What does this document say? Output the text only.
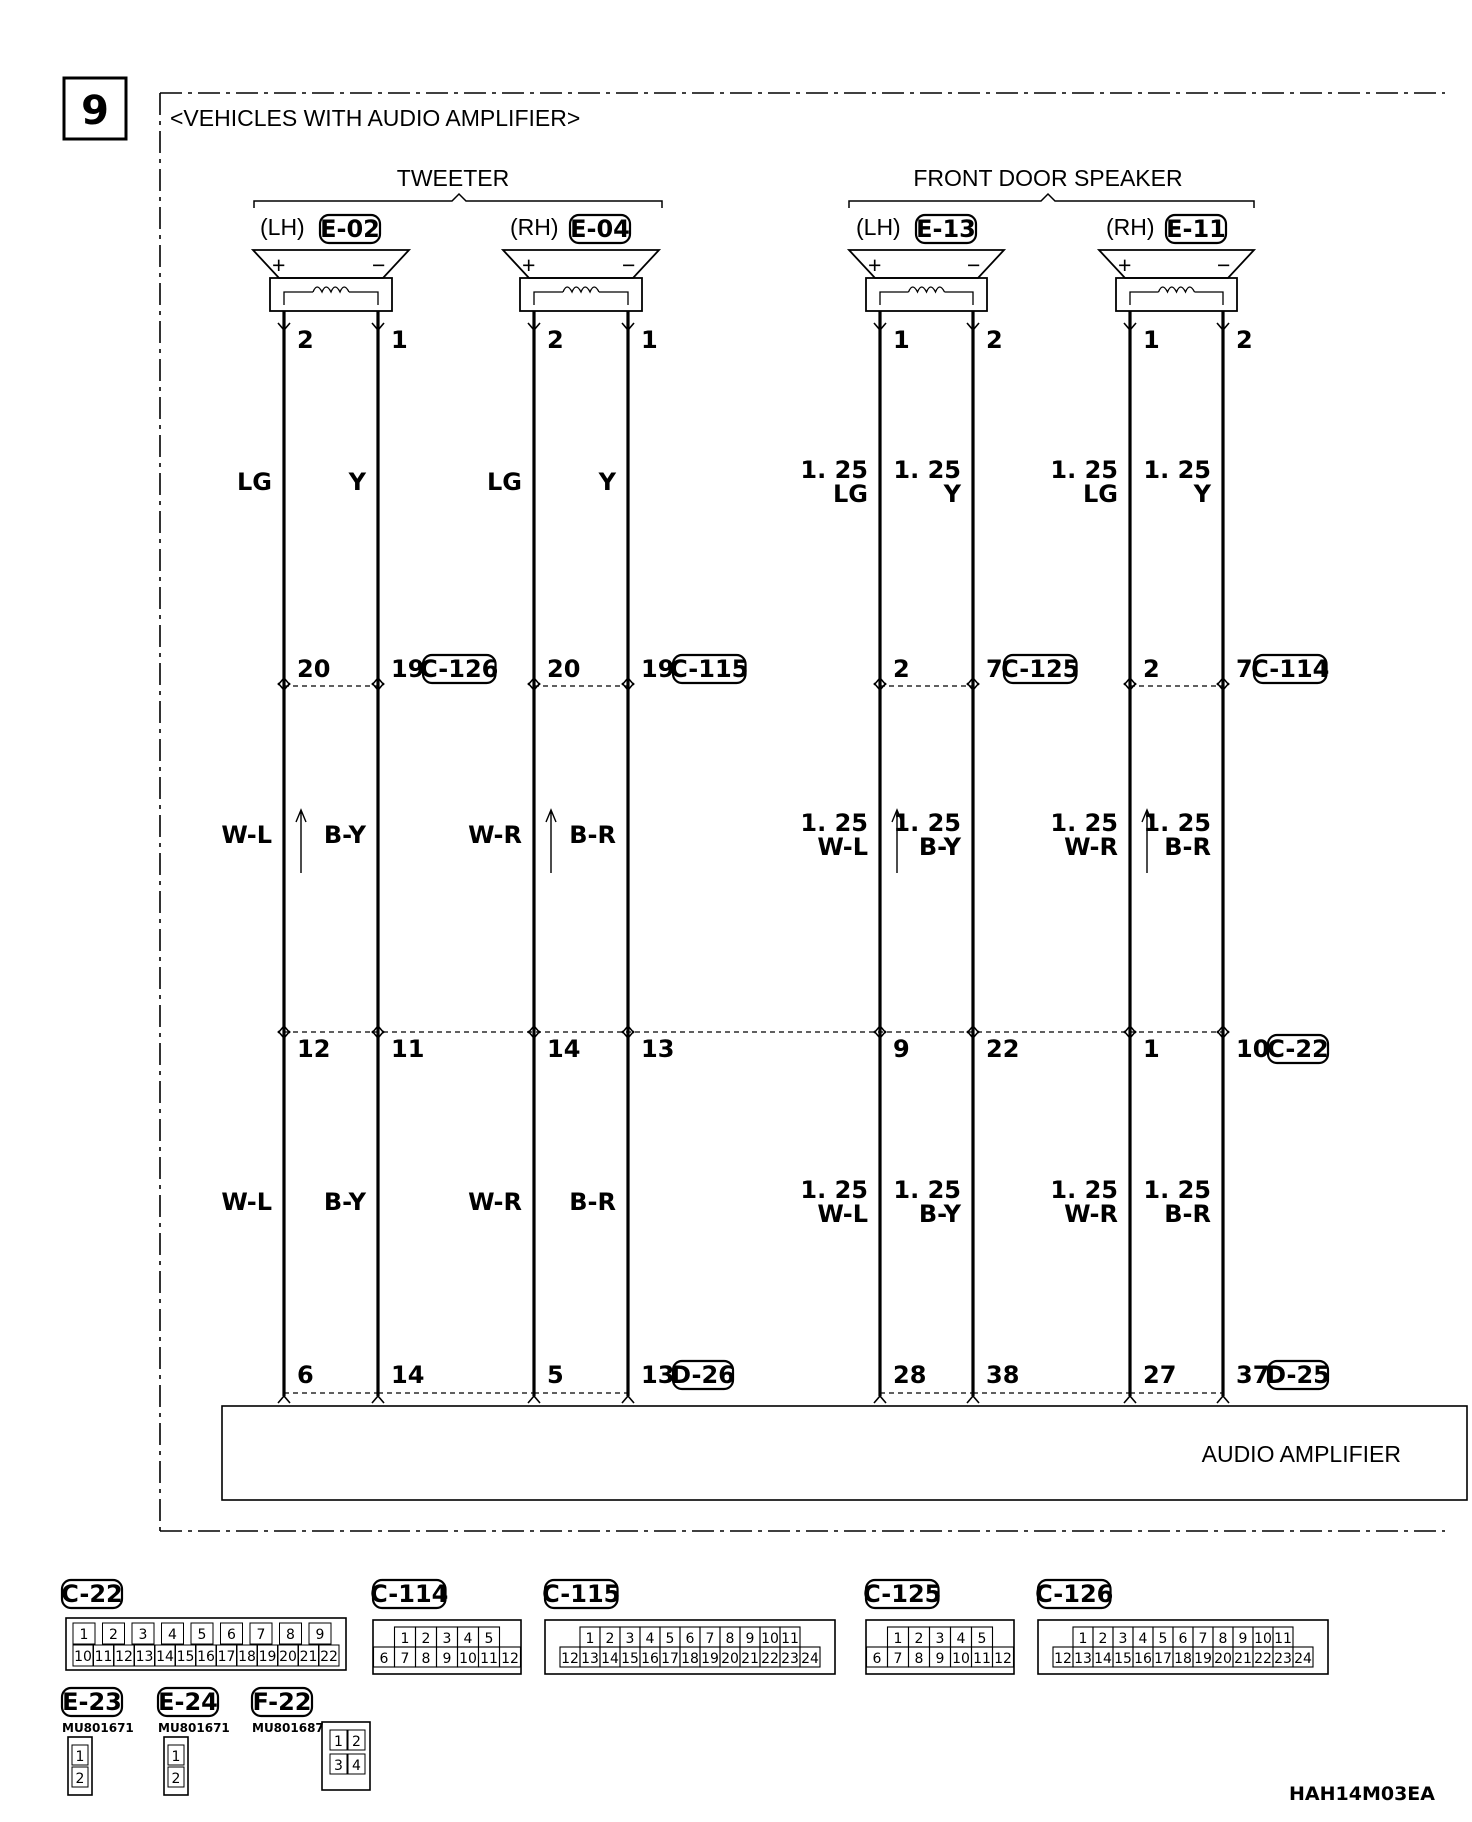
9	<VEHICLES WITH AUDIO AMPLIFIER>
TWEETER	FRONT DOOR SPEAKER
(LH) E-02
+	−
2	1
LG	Y
W-L B-Y
W-L B-Y
20	19
C-126
12	11
6	14
(RH) E-04
+	−
2	1
LG	Y
W-R B-R
W-R B-R
20	19
C-115
14	13
5	13
D-26
(LH) E-13
+	−
1	2
1. 25
LG
1. 25
Y
1. 25
W-L
1. 25
B-Y
1. 25
W-L
1. 25
B-Y
2	7
C-125
9	22
28 38
(RH) E-11
+	−
1	2
1. 25
LG
1. 25
Y
1. 25
W-R
1. 25
B-R
1. 25
W-R
1. 25
B-R
2	7
C-114
1	10
C-22
27 37
D-25
AUDIO AMPLIFIER
C-22
1 2 3 4 5 6 7 8 9
10 11 12 13 14 15 16 17 18 19 20 21 22
C-114
1 2 3 4 5
6 7 8 9 10 11 12
C-115
1 2 3 4 5 6 7 8 9 10 11
12 13 14 15 16 17 18 19 20 21 22 23 24
C-125
1 2 3 4 5
6 7 8 9 10 11 12
C-126
1 2 3 4 5 6 7 8 9 10 11
12 13 14 15 16 17 18 19 20 21 22 23 24
E-23
MU801671
1
2
E-24
MU801671
1
2
F-22
MU801687
1 2
3 4
HAH14M03EA
